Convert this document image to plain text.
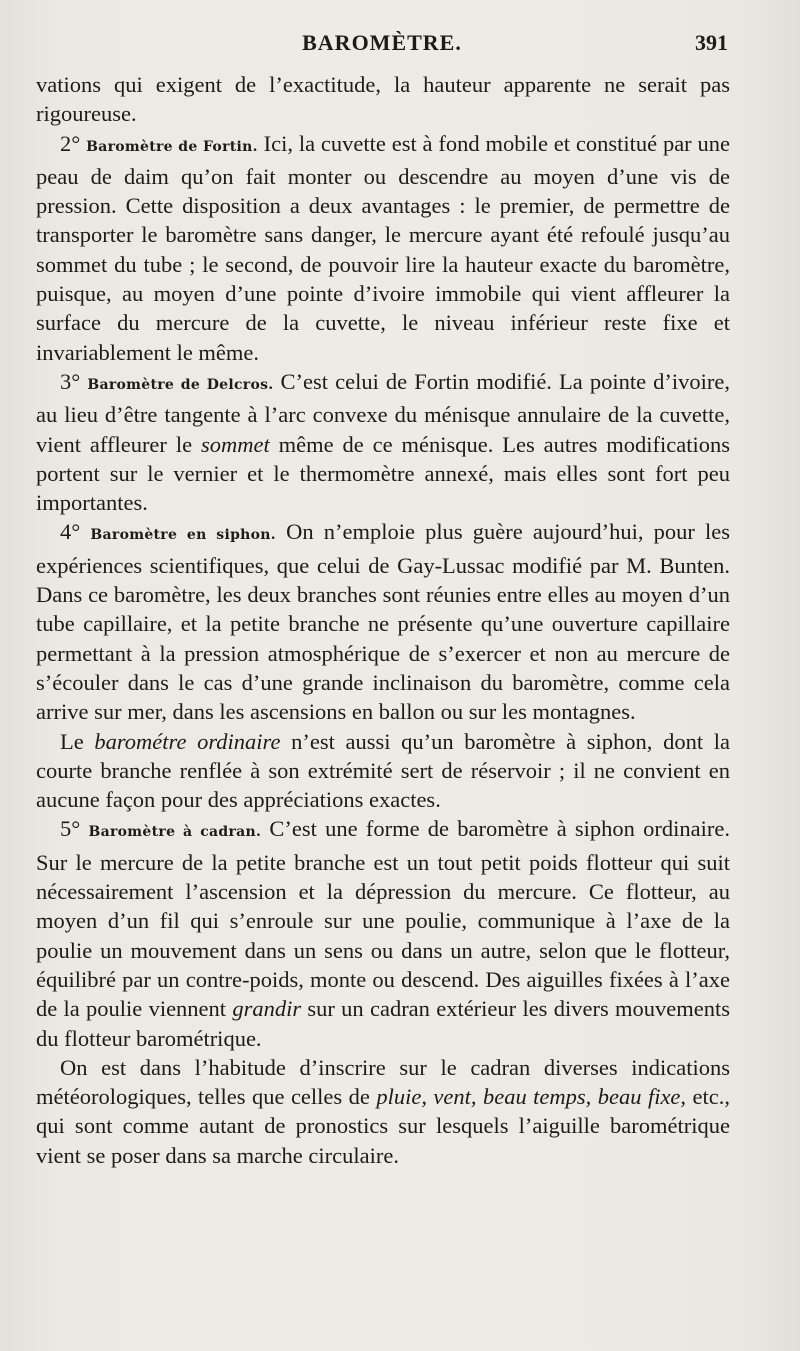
BAROMÈTRE.	391

vations qui exigent de l’exactitude, la hauteur apparente ne serait pas rigoureuse.

2° Baromètre de Fortin. Ici, la cuvette est à fond mobile et constitué par une peau de daim qu’on fait monter ou descendre au moyen d’une vis de pression. Cette disposition a deux avantages : le premier, de permettre de transporter le baromètre sans danger, le mercure ayant été refoulé jusqu’au sommet du tube ; le second, de pouvoir lire la hauteur exacte du baromètre, puisque, au moyen d’une pointe d’ivoire immobile qui vient affleurer la surface du mercure de la cuvette, le niveau inférieur reste fixe et invariablement le même.

3° Baromètre de Delcros. C’est celui de Fortin modifié. La pointe d’ivoire, au lieu d’être tangente à l’arc convexe du ménisque annulaire de la cuvette, vient affleurer le sommet même de ce ménisque. Les autres modifications portent sur le vernier et le thermomètre annexé, mais elles sont fort peu importantes.

4° Baromètre en siphon. On n’emploie plus guère aujourd’hui, pour les expériences scientifiques, que celui de Gay-Lussac modifié par M. Bunten. Dans ce baromètre, les deux branches sont réunies entre elles au moyen d’un tube capillaire, et la petite branche ne présente qu’une ouverture capillaire permettant à la pression atmosphérique de s’exercer et non au mercure de s’écouler dans le cas d’une grande inclinaison du baromètre, comme cela arrive sur mer, dans les ascensions en ballon ou sur les montagnes.

Le barométre ordinaire n’est aussi qu’un baromètre à siphon, dont la courte branche renflée à son extrémité sert de réservoir ; il ne convient en aucune façon pour des appréciations exactes.

5° Baromètre à cadran. C’est une forme de baromètre à siphon ordinaire. Sur le mercure de la petite branche est un tout petit poids flotteur qui suit nécessairement l’ascension et la dépression du mercure. Ce flotteur, au moyen d’un fil qui s’enroule sur une poulie, communique à l’axe de la poulie un mouvement dans un sens ou dans un autre, selon que le flotteur, équilibré par un contre-poids, monte ou descend. Des aiguilles fixées à l’axe de la poulie viennent grandir sur un cadran extérieur les divers mouvements du flotteur barométrique.

On est dans l’habitude d’inscrire sur le cadran diverses indications météorologiques, telles que celles de pluie, vent, beau temps, beau fixe, etc., qui sont comme autant de pronostics sur lesquels l’aiguille barométrique vient se poser dans sa marche circulaire.
